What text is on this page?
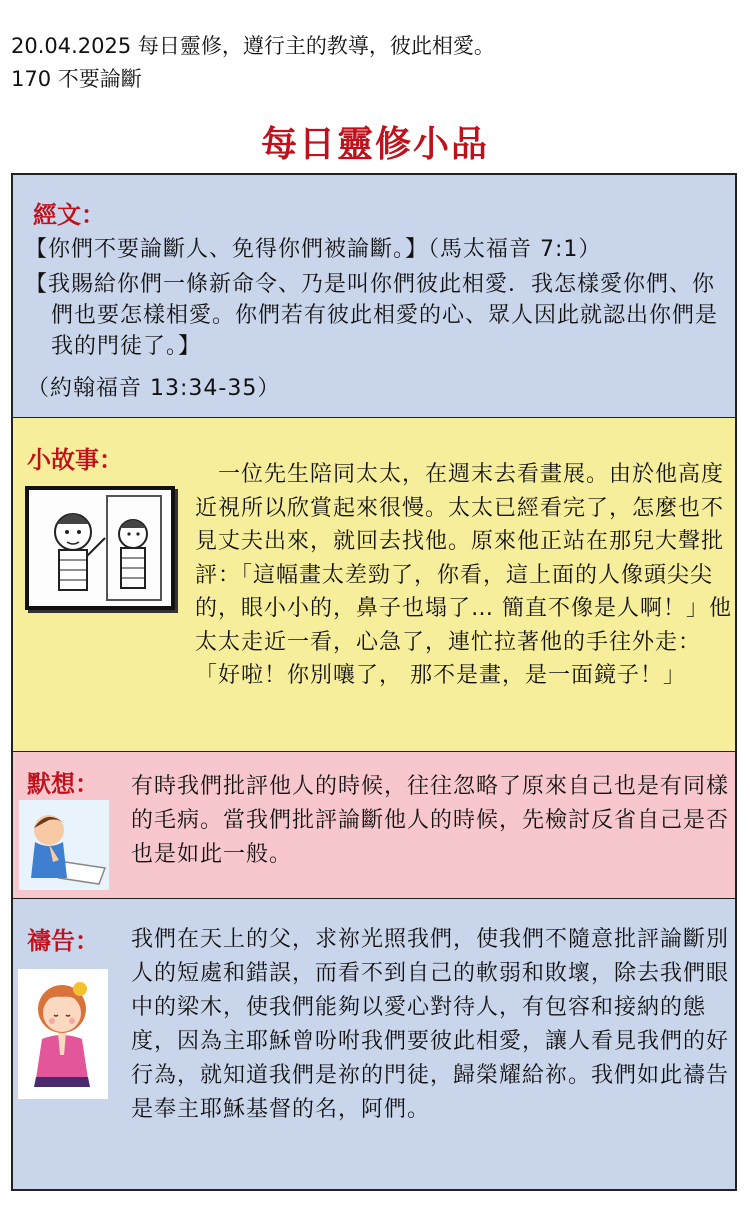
20.04.2025 每日靈修，遵行主的教導，彼此相愛。
170 不要論斷
每日靈修小品
經文：
【你們不要論斷人、免得你們被論斷。】（馬太福音 7:1）
【我賜給你們一條新命令、乃是叫你們彼此相愛．我怎樣愛你們、你們也要怎樣相愛。你們若有彼此相愛的心、眾人因此就認出你們是我的門徒了。】
（約翰福音 13:34-35）
小故事：
　一位先生陪同太太，在週末去看畫展。由於他高度近視所以欣賞起來很慢。太太已經看完了，怎麼也不見丈夫出來，就回去找他。原來他正站在那兒大聲批評：「這幅畫太差勁了，你看，這上面的人像頭尖尖的，眼小小的，鼻子也塌了… 簡直不像是人啊！」他太太走近一看，心急了，連忙拉著他的手往外走：「好啦！你別嚷了， 那不是畫，是一面鏡子！」
默想： 有時我們批評他人的時候，往往忽略了原來自己也是有同樣的毛病。當我們批評論斷他人的時候，先檢討反省自己是否也是如此一般。
禱告： 我們在天上的父，求祢光照我們，使我們不隨意批評論斷別人的短處和錯誤，而看不到自己的軟弱和敗壞，除去我們眼中的梁木，使我們能夠以愛心對待人，有包容和接納的態度，因為主耶穌曾吩咐我們要彼此相愛，讓人看見我們的好行為，就知道我們是祢的門徒，歸榮耀給祢。我們如此禱告是奉主耶穌基督的名，阿們。
